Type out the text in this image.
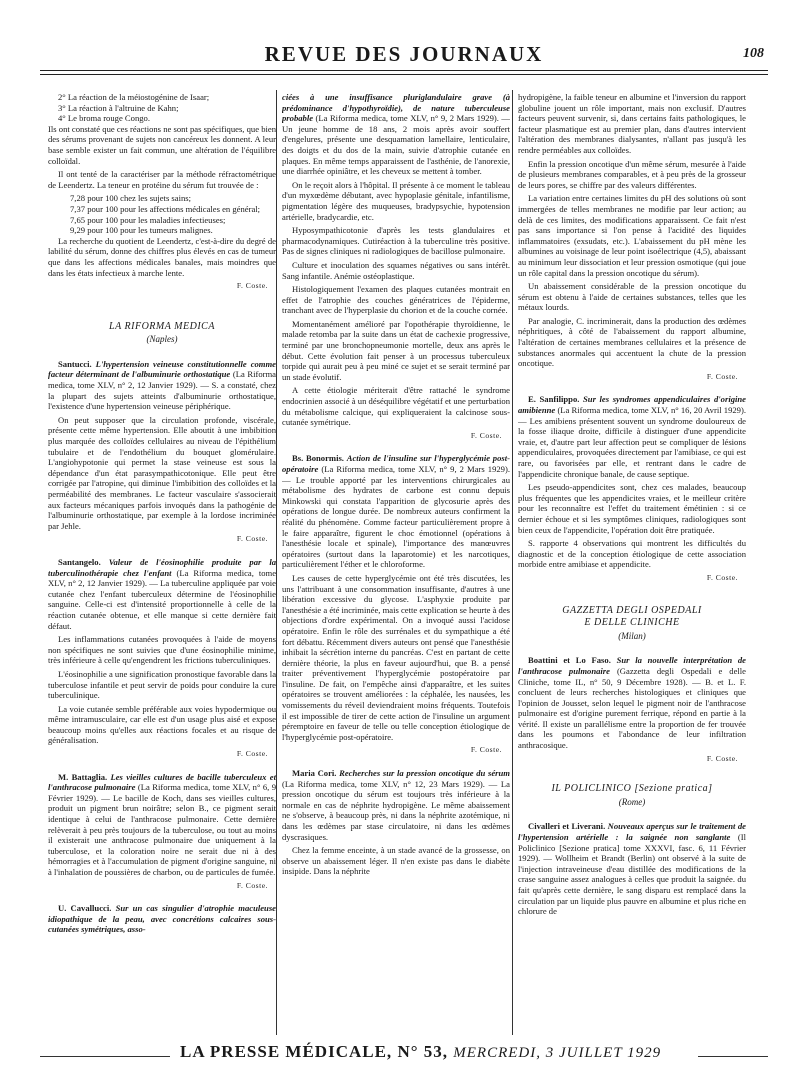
REVUE DES JOURNAUX	108

2° La réaction de la méiostogénine de Isaar;

3° La réaction à l'altruine de Kahn;

4° Le broma rouge Congo.

Ils ont constaté que ces réactions ne sont pas spécifiques, que bien des sérums provenant de sujets non cancéreux les donnent. A leur base semble exister un fait commun, une altération de l'équilibre colloïdal.

Il ont tenté de la caractériser par la méthode réfractométrique de Leendertz. La teneur en protéine du sérum fut trouvée de :

7,28 pour 100 chez les sujets sains;

7,37 pour 100 pour les affections médicales en général;

7,65 pour 100 pour les maladies infectieuses;

9,29 pour 100 pour les tumeurs malignes.

La recherche du quotient de Leendertz, c'est-à-dire du degré de labilité du sérum, donne des chiffres plus élevés en cas de tumeur que dans les affections médicales banales, mais moindres que dans les états infectieux à marche lente.

F. Coste.
LA RIFORMA MEDICA
(Naples)

Santucci. L'hypertension veineuse constitutionnelle comme facteur déterminant de l'albuminurie orthostatique (La Riforma medica, tome XLV, n° 2, 12 Janvier 1929). — S. a constaté, chez la plupart des sujets atteints d'albuminurie orthostatique, l'existence d'une hypertension veineuse périphérique.

On peut supposer que la circulation profonde, viscérale, présente cette même hypertension. Elle aboutit à une imbibition plus marquée des colloïdes cellulaires au niveau de l'épithélium tubulaire et de l'endothélium du bouquet glomérulaire. L'angiohypotonie qui permet la stase veineuse est sous la dépendance d'un état parasympathicotonique. Elle peut être corrigée par l'atropine, qui diminue l'imbibition des colloïdes et la perméabilité des membranes. Le facteur vasculaire s'associerait aux facteurs mécaniques parfois invoqués dans la pathogénie de l'albuminurie orthostatique, par exemple à la lordose incriminée par Jehle.

F. Coste.

Santangelo. Valeur de l'éosinophilie produite par la tuberculinothérapie chez l'enfant (La Riforma medica, tome XLV, n° 2, 12 Janvier 1929). — La tuberculine appliquée par voie cutanée chez l'enfant tuberculeux détermine de l'éosinophilie sanguine. Celle-ci est d'intensité proportionnelle à celle de la réaction cutanée obtenue, et elle manque si cette dernière fait défaut.

Les inflammations cutanées provoquées à l'aide de moyens non spécifiques ne sont suivies que d'une éosinophilie minime, très inférieure à celle qu'engendrent les frictions tuberculiniques.

L'éosinophilie a une signification pronostique favorable dans la tuberculose infantile et peut servir de poids pour conduire la cure tuberculinique.

La voie cutanée semble préférable aux voies hypodermique ou même intramusculaire, car elle est d'un usage plus aisé et expose beaucoup moins qu'elles aux réactions focales et au risque de généralisation.

F. Coste.

M. Battaglia. Les vieilles cultures de bacille tuberculeux et l'anthracose pulmonaire (La Riforma medica, tome XLV, n° 6, 9 Février 1929). — Le bacille de Koch, dans ses vieilles cultures, produit un pigment brun noirâtre; selon B., ce pigment serait identique à celui de l'anthracose pulmonaire. Cette dernière relèverait à peu près toujours de la tuberculose, ou tout au moins il existerait une anthracose pulmonaire due uniquement à la tuberculose, et la coloration noire ne serait due ni à des hémorragies et à l'accumulation de pigment d'origine sanguine, ni à l'inhalation de poussières de charbon, ou de particules de fumée.

F. Coste.

U. Cavallucci. Sur un cas singulier d'atrophie maculeuse idiopathique de la peau, avec concrétions calcaires sous-cutanées symétriques, asso-

ciées à une insuffisance pluriglandulaire grave (à prédominance d'hypothyroïdie), de nature tuberculeuse probable (La Riforma medica, tome XLV, n° 9, 2 Mars 1929). — Un jeune homme de 18 ans, 2 mois après avoir souffert d'engelures, présente une desquamation lamellaire, lenticulaire, des doigts et du dos de la main, suivie d'atrophie cutanée en plaques. En même temps apparaissent de l'asthénie, de l'anorexie, une diarrhée opiniâtre, et les cheveux se mettent à tomber.

On le reçoit alors à l'hôpital. Il présente à ce moment le tableau d'un myxœdème débutant, avec hypoplasie génitale, infantilisme, pigmentation légère des muqueuses, bradypsychie, hypotension artérielle, bradycardie, etc.

Hyposympathicotonie d'après les tests glandulaires et pharmacodynamiques. Cutiréaction à la tuberculine très positive. Pas de signes cliniques ni radiologiques de bacillose pulmonaire.

Culture et inoculation des squames négatives ou sans intérêt. Sang infantile. Anémie ostéoplastique.

Histologiquement l'examen des plaques cutanées montrait en effet de l'atrophie des couches génératrices de l'épiderme, tranchant avec de l'hyperplasie du chorion et de la couche cornée.

Momentanément amélioré par l'opothérapie thyroïdienne, le malade retomba par la suite dans un état de cachexie progressive, terminé par une bronchopneumonie mortelle, deux ans après le début. Cette évolution fait penser à un processus tuberculeux torpide qui aurait peu à peu miné ce sujet et se serait terminé par un stade évolutif.

A cette étiologie mériterait d'être rattaché le syndrome endocrinien associé à un déséquilibre végétatif et une perturbation du métabolisme calcique, qui expliqueraient la calcinose sous-cutanée symétrique.

F. Coste.

Bs. Bonormis. Action de l'insuline sur l'hyperglycémie post-opératoire (La Riforma medica, tome XLV, n° 9, 2 Mars 1929). — Le trouble apporté par les interventions chirurgicales au métabolisme des hydrates de carbone est connu depuis Minkowski qui constata l'apparition de glycosurie après des opérations de longue durée. De nombreux auteurs confirment la réalité du phénomène. Comme facteur particulièrement propre à le faire apparaître, figurent le choc émotionnel (opérations à l'anesthésie locale et spinale), l'importance des manœuvres opératoires (surtout dans la laparotomie) et les narcotiques, particulièrement l'éther et le chloroforme.

Les causes de cette hyperglycémie ont été très discutées, les uns l'attribuant à une consommation insuffisante, d'autres à une libération excessive du glycose. L'asphyxie produite par l'anesthésie a été incriminée, mais cette explication se heurte à des objections d'ordre expérimental. On a invoqué aussi l'acidose opératoire. Enfin le rôle des surrénales et du sympathique a été fort débattu. Récemment divers auteurs ont pensé que l'anesthésie inhibait la sécrétion interne du pancréas. C'est en partant de cette dernière théorie, la plus en faveur aujourd'hui, que B. a pensé traiter préventivement l'hyperglycémie postopératoire par l'insuline. De fait, on l'empêche ainsi d'apparaître, et les suites opératoires se trouvent améliorées : la céphalée, les nausées, les vomissements du réveil deviendraient moins fréquents. Toutefois il est impossible de tirer de cette action de l'insuline un argument péremptoire en faveur de telle ou telle conception étiologique de l'hyperglycémie post-opératoire.

F. Coste.

Maria Cori. Recherches sur la pression oncotique du sérum (La Riforma medica, tome XLV, n° 12, 23 Mars 1929). — La pression oncotique du sérum est toujours très inférieure à la normale en cas de néphrite hydropigène. Le même abaissement ne s'observe, à beaucoup près, ni dans la néphrite azotémique, ni dans les œdèmes par stase circulatoire, ni dans les œdèmes dyscrasiques.

Chez la femme enceinte, à un stade avancé de la grossesse, on observe un abaissement léger. Il n'en existe pas dans le diabète insipide. Dans la néphrite

hydropigène, la faible teneur en albumine et l'inversion du rapport globuline jouent un rôle important, mais non exclusif. D'autres facteurs peuvent survenir, si, dans certains faits pathologiques, le facteur plasmatique est au premier plan, dans d'autres intervient l'altération des membranes dialysantes, n'allant pas jusqu'à les rendre perméables aux colloïdes.

Enfin la pression oncotique d'un même sérum, mesurée à l'aide de plusieurs membranes comparables, et à peu près de la grosseur de leurs pores, se chiffre par des valeurs différentes.

La variation entre certaines limites du pH des solutions où sont immergées de telles membranes ne modifie par leur action; au delà de ces limites, des modifications apparaissent. Ce fait n'est pas sans importance si l'on pense à l'acidité des liquides inflammatoires (exsudats, etc.). L'abaissement du pH mène les albumines au voisinage de leur point isoélectrique (4,5), abaissant au minimum leur dissociation et leur pression osmotique (qui joue un rôle capital dans la pression oncotique du sérum).

Un abaissement considérable de la pression oncotique du sérum est obtenu à l'aide de certaines substances, telles que les métaux lourds.

Par analogie, C. incriminerait, dans la production des œdèmes néphritiques, à côté de l'abaissement du rapport albumine, l'altération de certaines membranes cellulaires et la présence de substances anormales qui accentuent la chute de la pression oncotique.

F. Coste.

E. Sanfilippo. Sur les syndromes appendiculaires d'origine amibienne (La Riforma medica, tome XLV, n° 16, 20 Avril 1929). — Les amibiens présentent souvent un syndrome douloureux de la fosse iliaque droite, difficile à distinguer d'une appendicite vraie, et, d'autre part leur affection peut se compliquer de lésions appendiculaires, provoquées directement par l'amibiase, ce qui est rare, ou favorisées par elle, et rentrant dans le cadre de l'appendicite chronique banale, de cause septique.

Les pseudo-appendicites sont, chez ces malades, beaucoup plus fréquentes que les appendicites vraies, et le meilleur critère pour les reconnaître est l'effet du traitement émétinien : si ce dernier échoue et si les symptômes cliniques, radiologiques sont bien ceux de l'appendicite, l'opération doit être pratiquée.

S. rapporte 4 observations qui montrent les difficultés du diagnostic et de la conception étiologique de cette association morbide entre amibiase et appendicite.

F. Coste.
GAZZETTA DEGLI OSPEDALI
E DELLE CLINICHE
(Milan)

Boattini et Lo Faso. Sur la nouvelle interprétation de l'anthracose pulmonaire (Gazzetta degli Ospedali e delle Cliniche, tome IL, n° 50, 9 Décembre 1928). — B. et L. F. concluent de leurs recherches histologiques et cliniques que l'opinion de Jousset, selon lequel le pigment noir de l'anthracose pulmonaire est d'origine purement ferrique, répond en partie à la vérité. Il existe un parallélisme entre la proportion de fer trouvée dans les poumons et l'abondance de leur infiltration anthracosique.

F. Coste.
IL POLICLINICO [Sezione pratica]
(Rome)

Civalleri et Liverani. Nouveaux aperçus sur le traitement de l'hypertension artérielle : la saignée non sanglante (Il Policlinico [Sezione pratica] tome XXXVI, fasc. 6, 11 Février 1929). — Wollheim et Brandt (Berlin) ont observé à la suite de l'injection intraveineuse d'eau distillée des modifications de la crase sanguine assez analogues à celles que produit la saignée. du fait qu'après cette dernière, le sang disparu est remplacé dans la circulation par un liquide plus pauvre en albumine et plus riche en chlorure de

LA PRESSE MÉDICALE, N° 53, MERCREDI, 3 JUILLET 1929
